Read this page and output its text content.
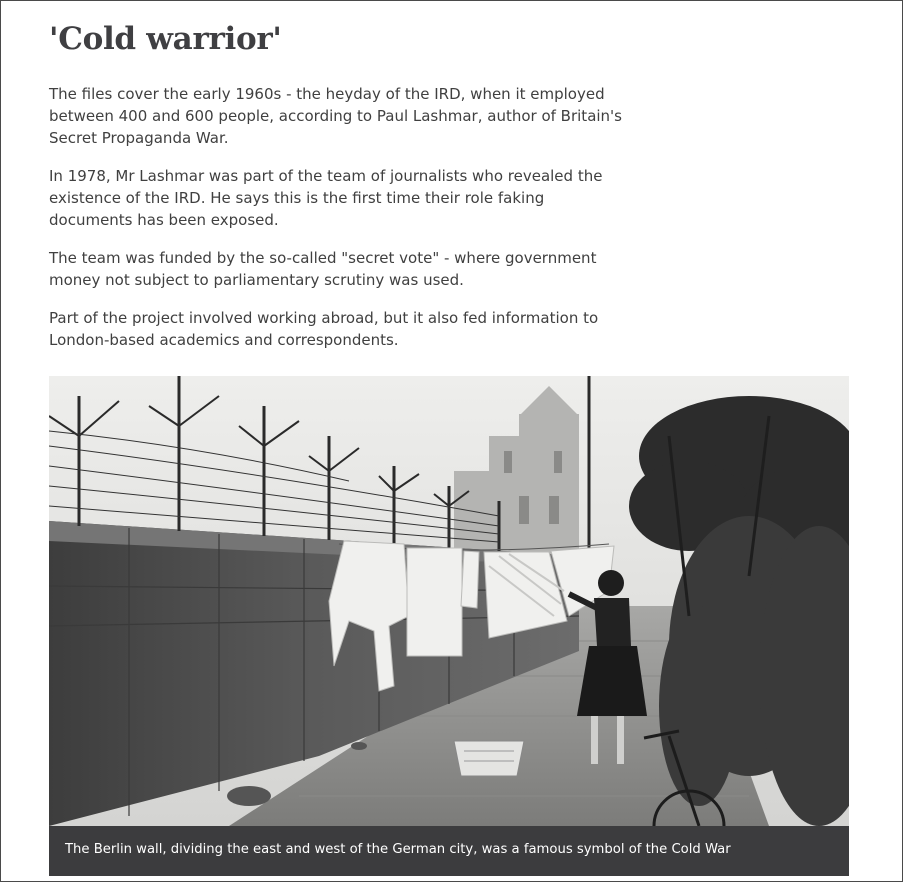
'Cold warrior'

The files cover the early 1960s - the heyday of the IRD, when it employed between 400 and 600 people, according to Paul Lashmar, author of Britain's Secret Propaganda War.

In 1978, Mr Lashmar was part of the team of journalists who revealed the existence of the IRD. He says this is the first time their role faking documents has been exposed.

The team was funded by the so-called "secret vote" - where government money not subject to parliamentary scrutiny was used.

Part of the project involved working abroad, but it also fed information to London-based academics and correspondents.

The Berlin wall, dividing the east and west of the German city, was a famous symbol of the Cold War
